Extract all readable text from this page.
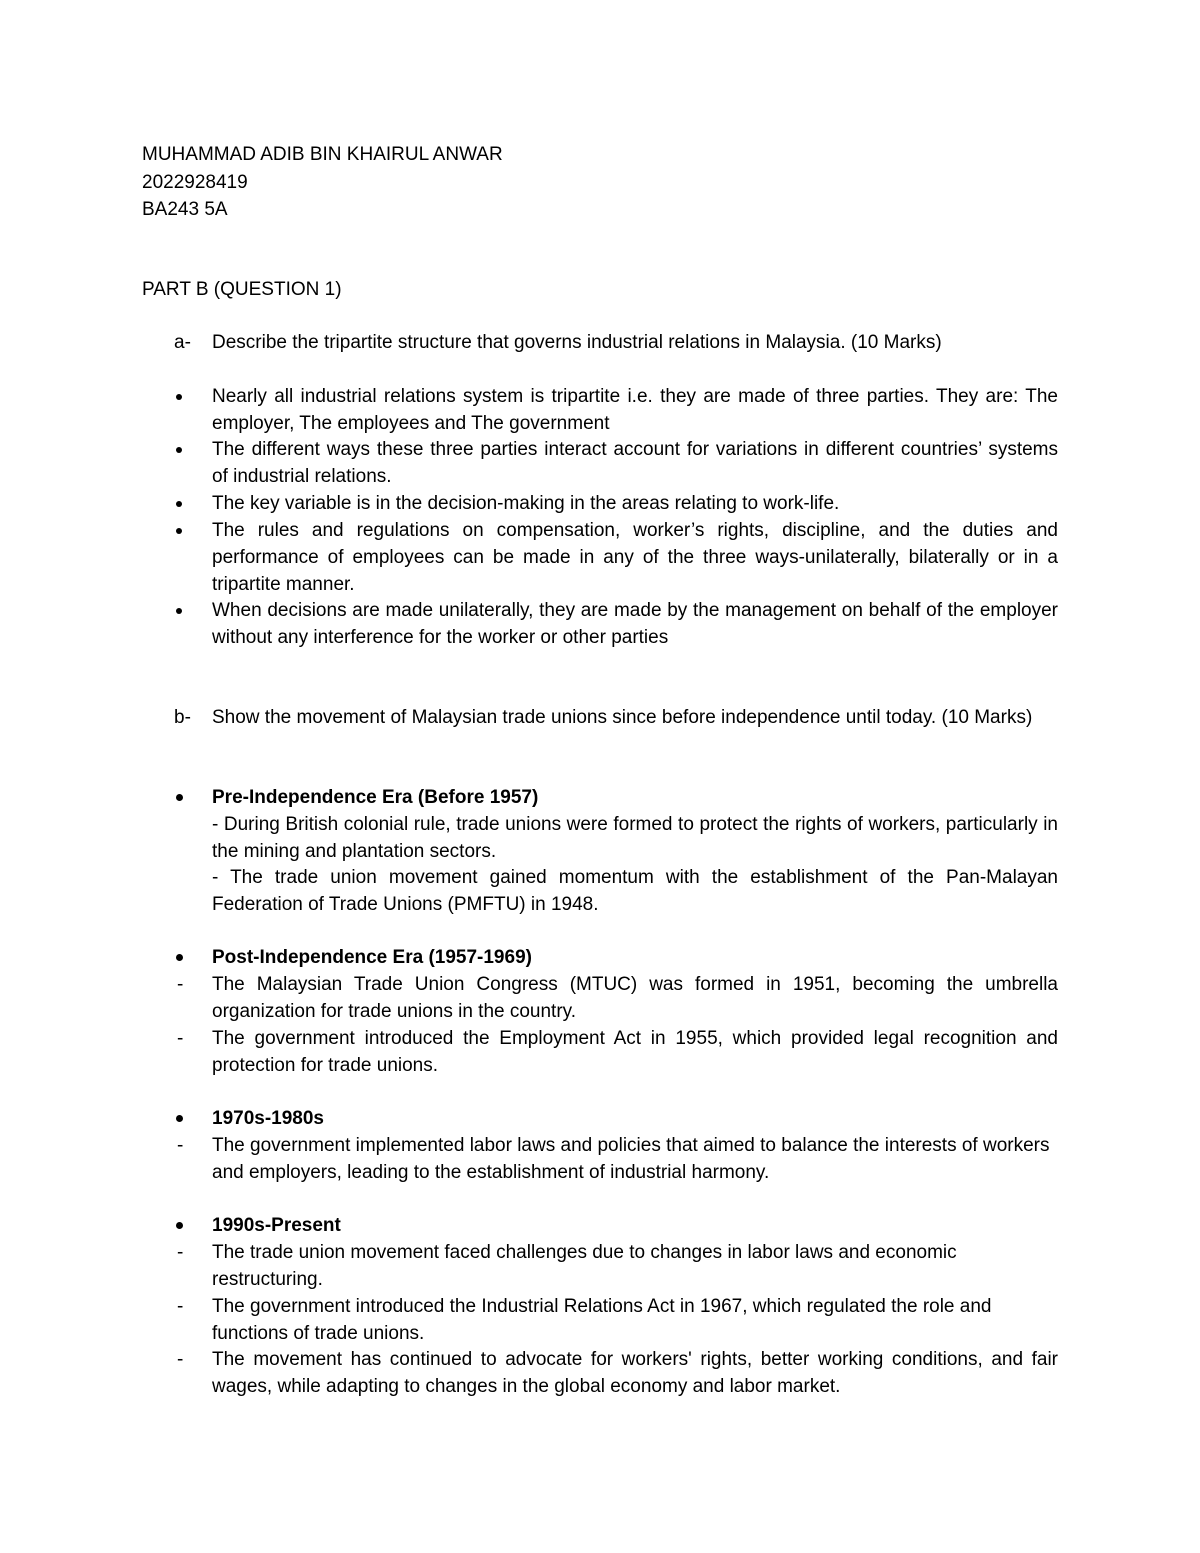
MUHAMMAD ADIB BIN KHAIRUL ANWAR
2022928419
BA243 5A
PART B (QUESTION 1)
a-	Describe the tripartite structure that governs industrial relations in Malaysia. (10 Marks)
Nearly all industrial relations system is tripartite i.e. they are made of three parties. They are: The employer, The employees and The government
The different ways these three parties interact account for variations in different countries’ systems of industrial relations.
The key variable is in the decision-making in the areas relating to work-life.
The rules and regulations on compensation, worker’s rights, discipline, and the duties and performance of employees can be made in any of the three ways-unilaterally, bilaterally or in a tripartite manner.
When decisions are made unilaterally, they are made by the management on behalf of the employer without any interference for the worker or other parties
b-	Show the movement of Malaysian trade unions since before independence until today. (10 Marks)
Pre-Independence Era (Before 1957)
- During British colonial rule, trade unions were formed to protect the rights of workers, particularly in the mining and plantation sectors.
- The trade union movement gained momentum with the establishment of the Pan-Malayan Federation of Trade Unions (PMFTU) in 1948.
Post-Independence Era (1957-1969)
-	The Malaysian Trade Union Congress (MTUC) was formed in 1951, becoming the umbrella organization for trade unions in the country.
-	The government introduced the Employment Act in 1955, which provided legal recognition and protection for trade unions.
1970s-1980s
-	The government implemented labor laws and policies that aimed to balance the interests of workers and employers, leading to the establishment of industrial harmony.
1990s-Present
-	The trade union movement faced challenges due to changes in labor laws and economic restructuring.
-	The government introduced the Industrial Relations Act in 1967, which regulated the role and functions of trade unions.
-	The movement has continued to advocate for workers' rights, better working conditions, and fair wages, while adapting to changes in the global economy and labor market.
